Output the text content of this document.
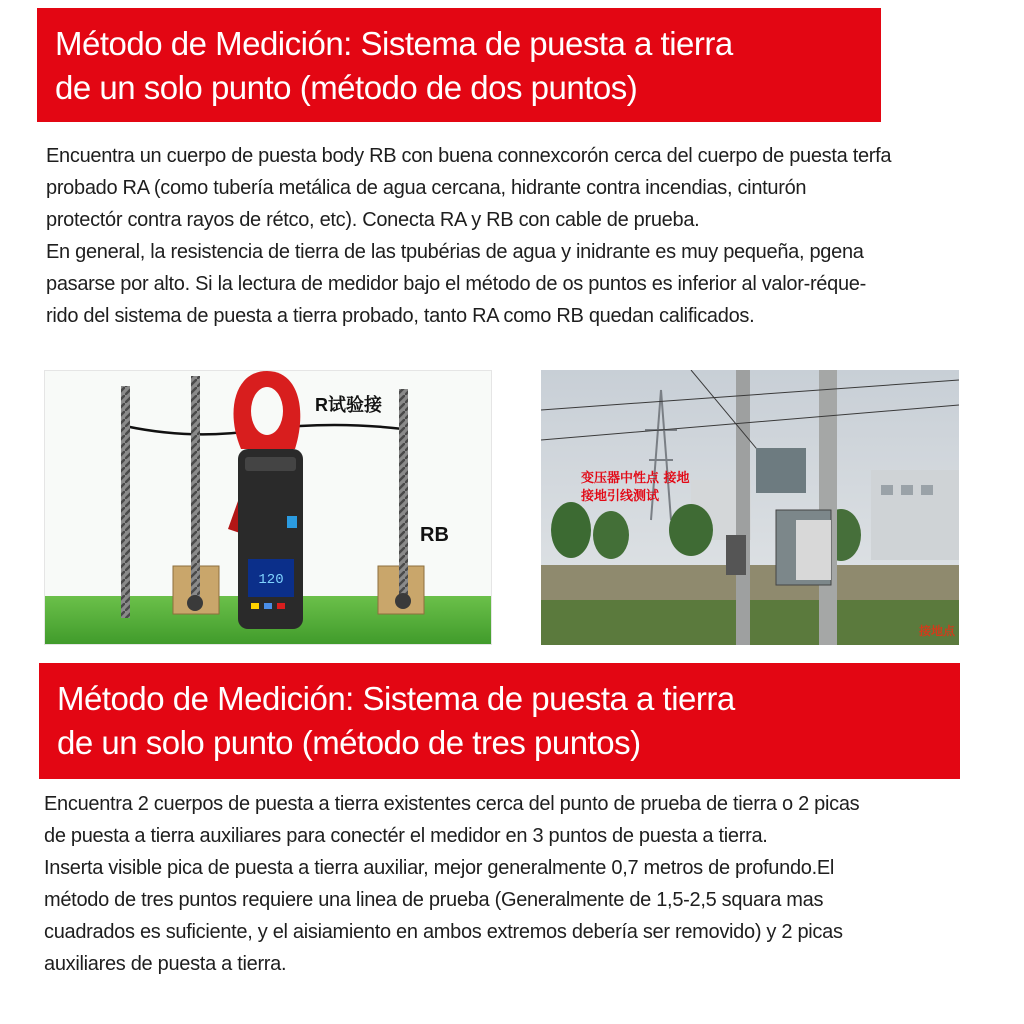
Método de Medición: Sistema de puesta a tierra
de un solo punto (método de dos puntos)
Encuentra un cuerpo de puesta body RB con buena connexcorón cerca del cuerpo de puesta terfa
probado RA (como tubería metálica de agua cercana, hidrante contra incendias, cinturón
protectór contra rayos de rétco, etc). Conecta RA y RB con cable de prueba.
En general, la resistencia de tierra de las tpubérias de agua y inidrante es muy pequeña, pgena
pasarse por alto. Si la lectura de medidor bajo el método de os puntos es inferior al valor-réque-
rido del sistema de puesta a tierra probado, tanto RA como RB quedan calificados.
120
R试验接
RB
变压器中性点 接地
接地引线测试
接地点
Método de Medición: Sistema de puesta a tierra
de un solo punto (método de tres puntos)
Encuentra 2 cuerpos de puesta a tierra existentes cerca del punto de prueba de tierra o 2 picas
de puesta a tierra auxiliares para conectér el medidor en 3 puntos de puesta a tierra.
Inserta visible pica de puesta a tierra auxiliar, mejor generalmente 0,7 metros de profundo.El
método de tres puntos requiere una linea de prueba (Generalmente de 1,5-2,5 squara mas
cuadrados es suficiente, y el aisiamiento en ambos extremos debería ser removido) y 2 picas
auxiliares de puesta a tierra.
